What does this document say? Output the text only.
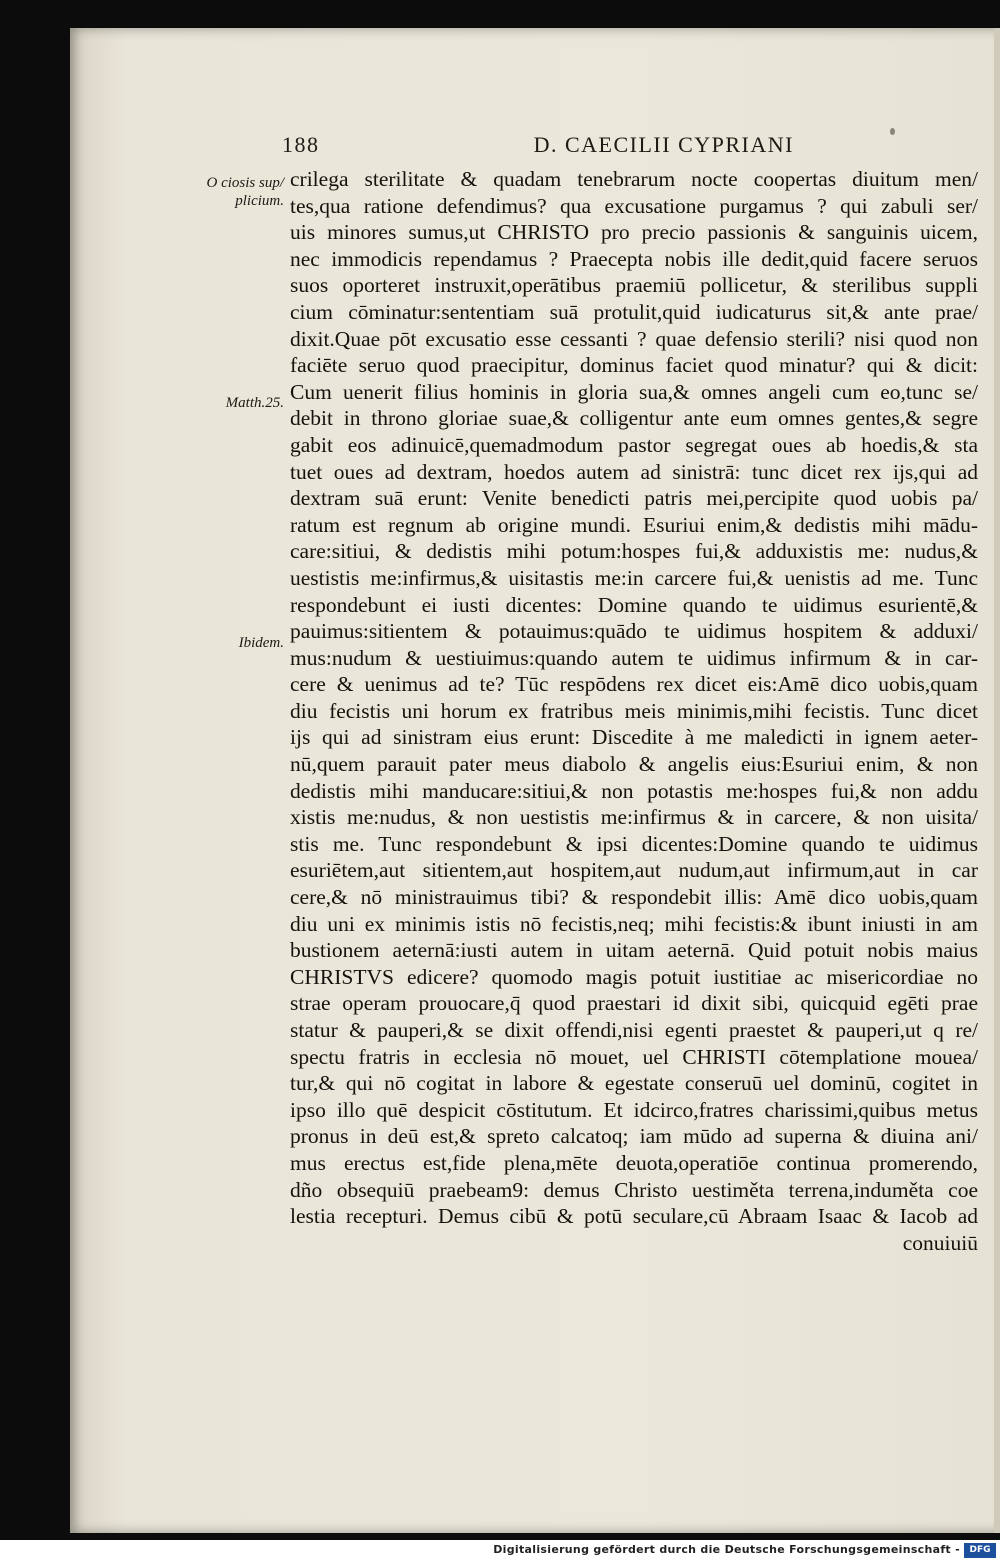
188	D. CAECILII CYPRIANI
O ciosis sup/ plicium.
Matth.25.
Ibidem.
crilega sterilitate & quadam tenebrarum nocte coopertas diuitum men/
tes,qua ratione defendimus? qua excusatione purgamus ? qui zabuli ser/
uis minores sumus,ut CHRISTO pro precio passionis & sanguinis uicem,
nec immodicis rependamus ? Praecepta nobis ille dedit,quid facere seruos
suos oporteret instruxit,operātibus praemiū pollicetur, & sterilibus suppli
cium cōminatur:sententiam suā protulit,quid iudicaturus sit,& ante prae/
dixit.Quae pōt excusatio esse cessanti ? quae defensio sterili? nisi quod non
faciēte seruo quod praecipitur, dominus faciet quod minatur? qui & dicit:
Cum uenerit filius hominis in gloria sua,& omnes angeli cum eo,tunc se/
debit in throno gloriae suae,& colligentur ante eum omnes gentes,& segre
gabit eos adinuicē,quemadmodum pastor segregat oues ab hoedis,& sta
tuet oues ad dextram, hoedos autem ad sinistrā: tunc dicet rex ijs,qui ad
dextram suā erunt: Venite benedicti patris mei,percipite quod uobis pa/
ratum est regnum ab origine mundi. Esuriui enim,& dedistis mihi mādu-
care:sitiui, & dedistis mihi potum:hospes fui,& adduxistis me: nudus,&
uestistis me:infirmus,& uisitastis me:in carcere fui,& uenistis ad me. Tunc
respondebunt ei iusti dicentes: Domine quando te uidimus esurientē,&
pauimus:sitientem & potauimus:quādo te uidimus hospitem & adduxi/
mus:nudum & uestiuimus:quando autem te uidimus infirmum & in car-
cere & uenimus ad te? Tūc respōdens rex dicet eis:Amē dico uobis,quam
diu fecistis uni horum ex fratribus meis minimis,mihi fecistis. Tunc dicet
ijs qui ad sinistram eius erunt: Discedite à me maledicti in ignem aeter-
nū,quem parauit pater meus diabolo & angelis eius:Esuriui enim, & non
dedistis mihi manducare:sitiui,& non potastis me:hospes fui,& non addu
xistis me:nudus, & non uestistis me:infirmus & in carcere, & non uisita/
stis me. Tunc respondebunt & ipsi dicentes:Domine quando te uidimus
esuriētem,aut sitientem,aut hospitem,aut nudum,aut infirmum,aut in car
cere,& nō ministrauimus tibi? & respondebit illis: Amē dico uobis,quam
diu uni ex minimis istis nō fecistis,neq; mihi fecistis:& ibunt iniusti in am
bustionem aeternā:iusti autem in uitam aeternā. Quid potuit nobis maius
CHRISTVS edicere? quomodo magis potuit iustitiae ac misericordiae no
strae operam prouocare,q̄ quod praestari id dixit sibi, quicquid egēti prae
statur & pauperi,& se dixit offendi,nisi egenti praestet & pauperi,ut q re/
spectu fratris in ecclesia nō mouet, uel CHRISTI cōtemplatione mouea/
tur,& qui nō cogitat in labore & egestate conseruū uel dominū, cogitet in
ipso illo quē despicit cōstitutum. Et idcirco,fratres charissimi,quibus metus
pronus in deū est,& spreto calcatoq; iam mūdo ad superna & diuina ani/
mus erectus est,fide plena,mēte deuota,operatiōe continua promerendo,
dño obsequiū praebeam9: demus Christo uestiměta terrena,induměta coe
lestia recepturi. Demus cibū & potū seculare,cū Abraam Isaac & Iacob ad
conuiuiū
Digitalisierung gefördert durch die Deutsche Forschungsgemeinschaft -	DFG
